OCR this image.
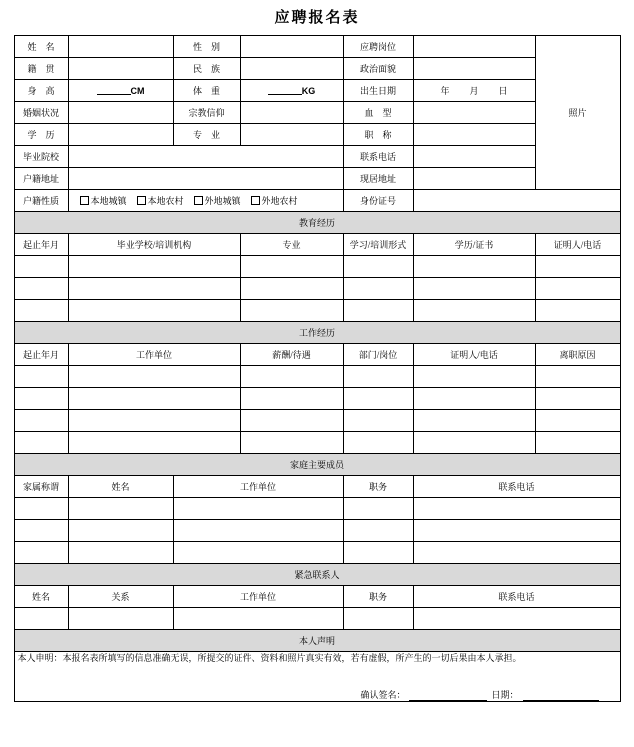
应聘报名表
姓　名		性　别		应聘岗位		照片
籍　贯		民　族		政治面貌		
身　高	CM	体　重	KG	出生日期	年 月 日	

婚姻状况		宗教信仰		血　型		
学　历		专　业		职　称		
毕业院校				联系电话		
户籍地址				现居地址		
户籍性质	本地城镇 本地农村 外地城镇 外地农村			身份证号		
教育经历						
起止年月	毕业学校/培训机构		专业	学习/培训形式	学历/证书	证明人/电话

工作经历						
起止年月	工作单位		薪酬/待遇	部门/岗位	证明人/电话	离职原因

家庭主要成员						
家属称谓	姓名	工作单位		职务	联系电话	

紧急联系人						
姓名	关系	工作单位		职务	联系电话	

本人声明						

本人申明：本报名表所填写的信息准确无误，所提交的证件、资料和照片真实有效，若有虚假，所产生的一切后果由本人承担。
确认签名： 日期：						
